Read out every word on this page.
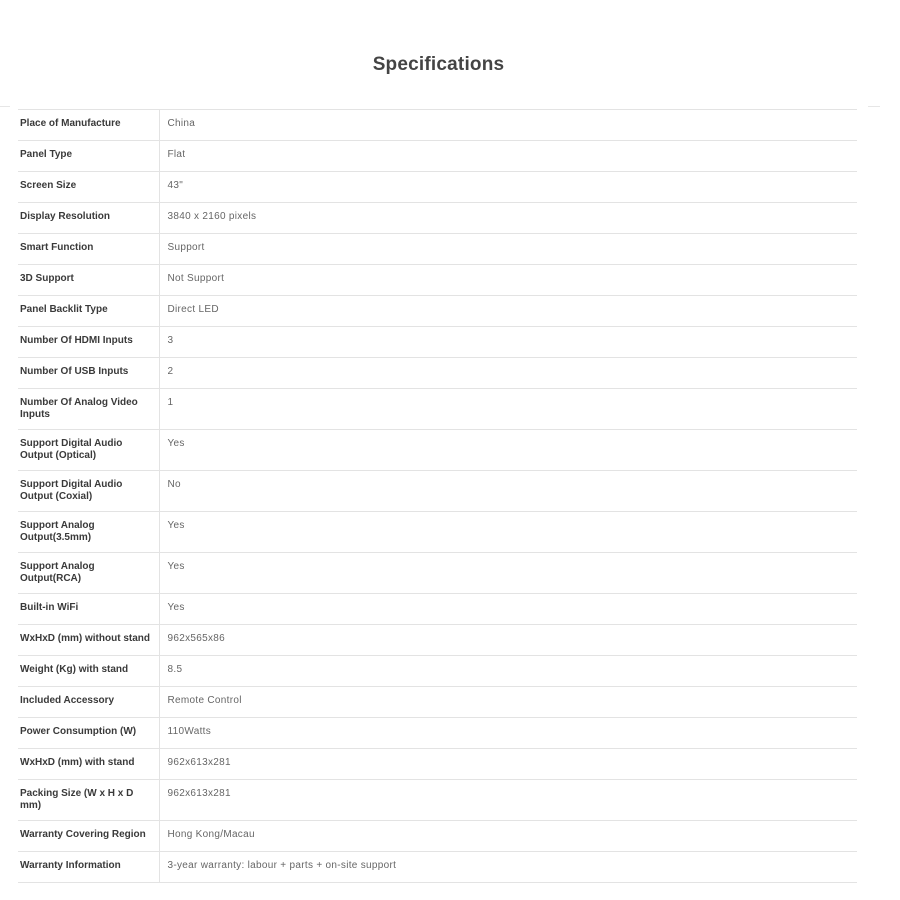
Specifications
Place of Manufacture	China
Panel Type	Flat
Screen Size	43"
Display Resolution	3840 x 2160 pixels
Smart Function	Support
3D Support	Not Support
Panel Backlit Type	Direct LED
Number Of HDMI Inputs	3
Number Of USB Inputs	2
Number Of Analog Video Inputs	1
Support Digital Audio Output (Optical)	Yes
Support Digital Audio Output (Coxial)	No
Support Analog Output(3.5mm)	Yes
Support Analog Output(RCA)	Yes
Built-in WiFi	Yes
WxHxD (mm) without stand	962x565x86
Weight (Kg) with stand	8.5
Included Accessory	Remote Control
Power Consumption (W)	110Watts
WxHxD (mm) with stand	962x613x281
Packing Size (W x H x D mm)	962x613x281
Warranty Covering Region	Hong Kong/Macau
Warranty Information	3-year warranty: labour + parts + on-site support
